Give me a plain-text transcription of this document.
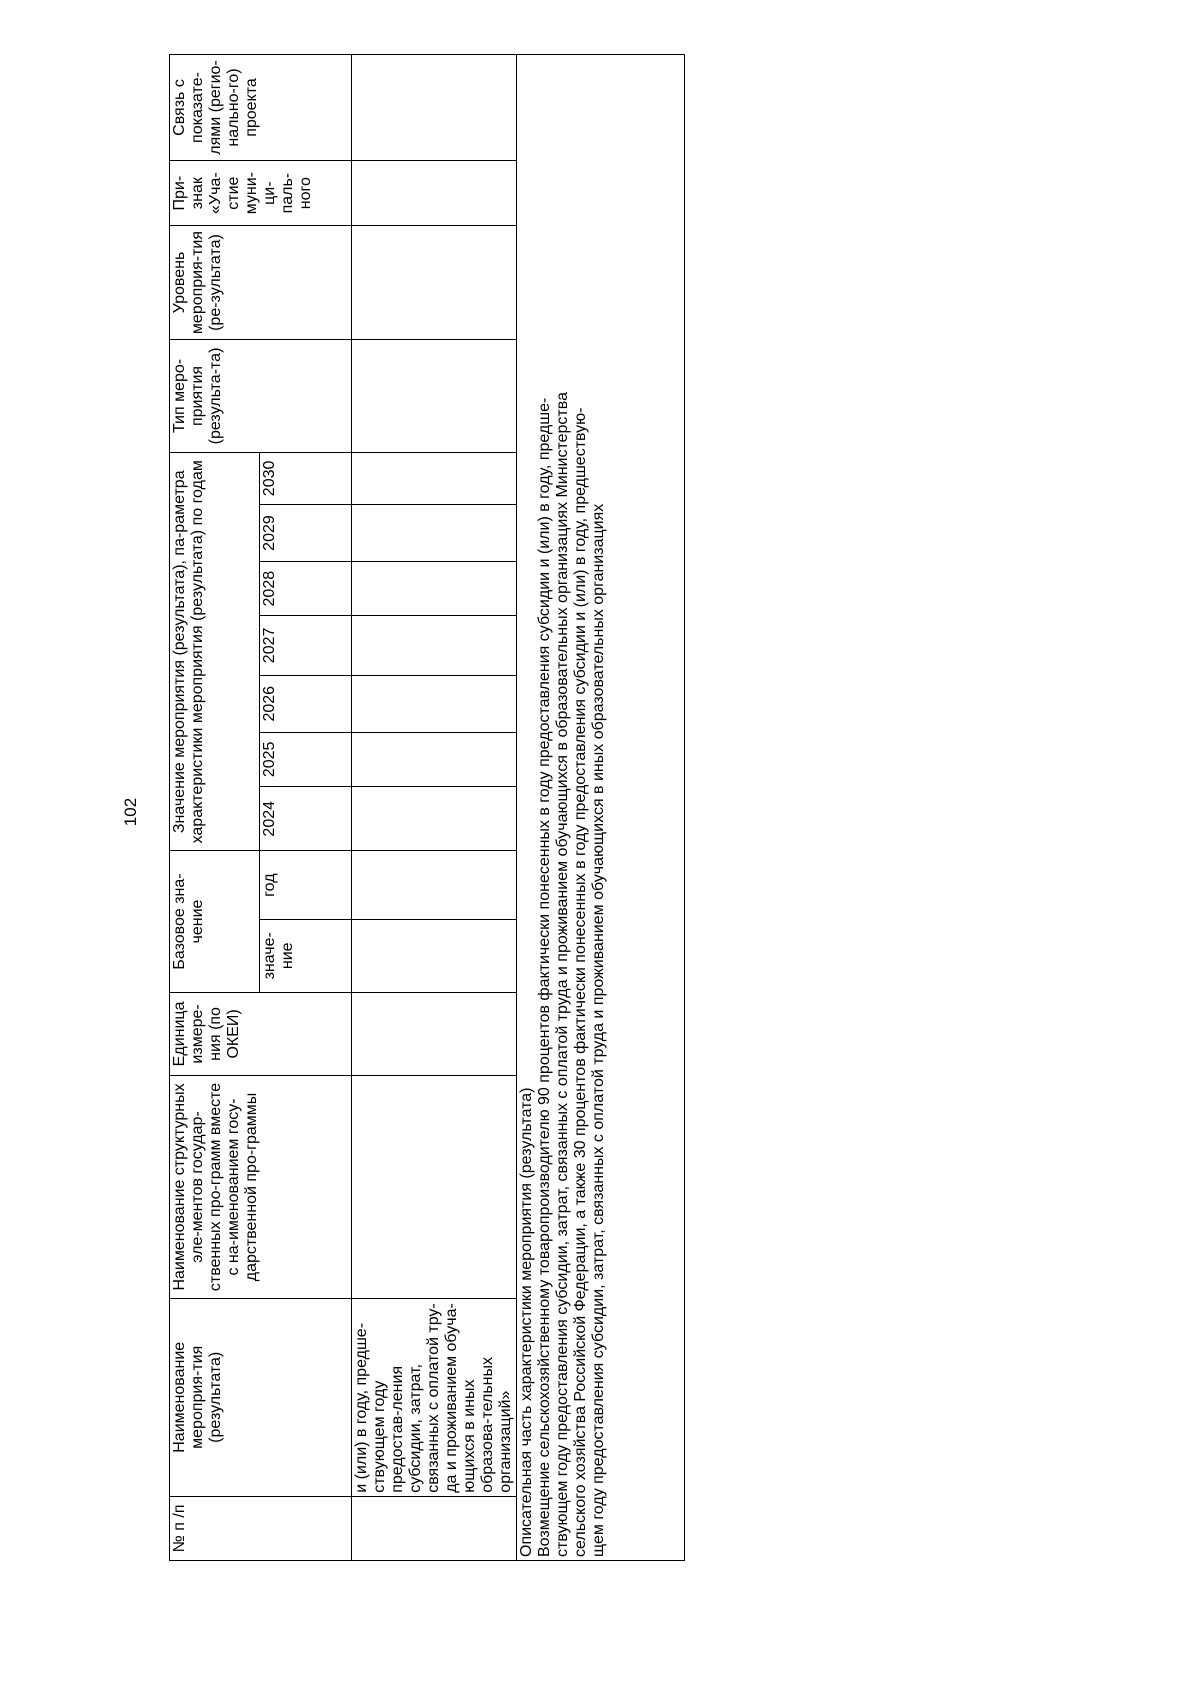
102
№ п /п	Наименование мероприя-тия (результата)	Наименование структурных эле-ментов государ-ственных про-грамм вместе с на-именованием госу-дарственной про-граммы	Единица измере-ния (по ОКЕИ)	Базовое зна-чение		Значение мероприятия (результата), па-раметра характеристики мероприятия (результата) по годам							Тип меро-приятия (результа-та)	Уровень мероприя-тия (ре-зультата)	При-знак «Уча-стие муни-ци-паль-ного	Связь с показате-лями (регио-нально-го) проекта

				значе-ние	год	2024	2025	2026	2027	2028	2029	2030				
	и (или) в году, предше-ствующем году предостав-ления субсидии, затрат, связанных с оплатой тру-да и проживанием обуча-ющихся в иных образова-тельных организаций»															

Описательная часть характеристики мероприятия (результата) Возмещение сельскохозяйственному товаропроизводителю 90 процентов фактически понесенных в году предоставления субсидии и (или) в году, предше- ствующем году предоставления субсидии, затрат, связанных с оплатой труда и проживанием обучающихся в образовательных организациях Министерства сельского хозяйства Российской Федерации, а также 30 процентов фактически понесенных в году предоставления субсидии и (или) в году, предшествую- щем году предоставления субсидии, затрат, связанных с оплатой труда и проживанием обучающихся в иных образовательных организациях																
